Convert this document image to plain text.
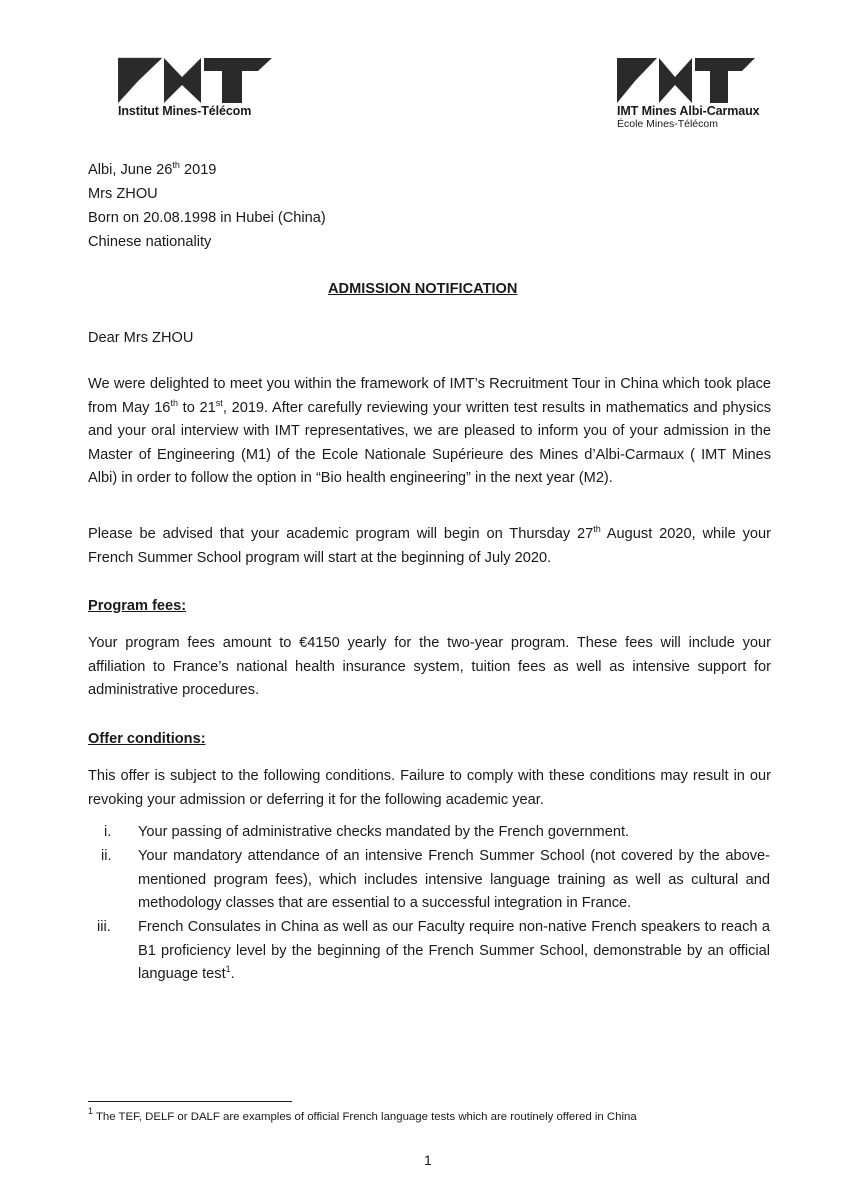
Institut Mines-Télécom	IMT Mines Albi-Carmaux
École Mines-Télécom
Albi, June 26th 2019
Mrs ZHOU
Born on 20.08.1998 in Hubei (China)
Chinese nationality
ADMISSION NOTIFICATION
Dear Mrs ZHOU
We were delighted to meet you within the framework of IMT’s Recruitment Tour in China which took place from May 16th to 21st, 2019. After carefully reviewing your written test results in mathematics and physics and your oral interview with IMT representatives, we are pleased to inform you of your admission in the Master of Engineering (M1) of the Ecole Nationale Supérieure des Mines d’Albi-Carmaux ( IMT Mines Albi) in order to follow the option in “Bio health engineering” in the next year (M2).
Please be advised that your academic program will begin on Thursday 27th August 2020, while your French Summer School program will start at the beginning of July 2020.
Program fees:
Your program fees amount to €4150 yearly for the two-year program. These fees will include your affiliation to France’s national health insurance system, tuition fees as well as intensive support for administrative procedures.
Offer conditions:
This offer is subject to the following conditions. Failure to comply with these conditions may result in our revoking your admission or deferring it for the following academic year.
i. Your passing of administrative checks mandated by the French government.
ii. Your mandatory attendance of an intensive French Summer School (not covered by the above-mentioned program fees), which includes intensive language training as well as cultural and methodology classes that are essential to a successful integration in France.
iii. French Consulates in China as well as our Faculty require non-native French speakers to reach a B1 proficiency level by the beginning of the French Summer School, demonstrable by an official language test$^1$.
$^1$ The TEF, DELF or DALF are examples of official French language tests which are routinely offered in China
1
